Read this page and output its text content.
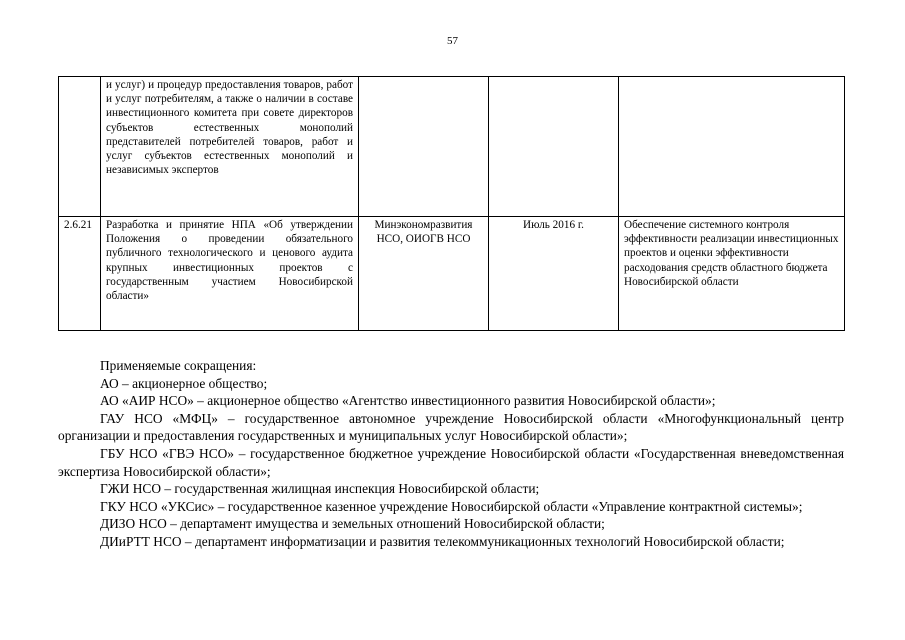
57
	и услуг) и процедур предоставления товаров, работ и услуг потребителям, а также о наличии в составе инвестиционного комитета при совете директоров субъектов естественных монополий представителей потребителей товаров, работ и услуг субъектов естественных монополий и независимых экспертов			
2.6.21	Разработка и принятие НПА «Об утверждении Положения о проведении обязательного публичного технологического и ценового аудита крупных инвестиционных проектов с государственным участием Новосибирской области»	Минэкономразвития НСО, ОИОГВ НСО	Июль 2016 г.	Обеспечение системного контроля эффективности реализации инвестиционных проектов и оценки эффективности расходования средств областного бюджета Новосибирской области

Применяемые сокращения:

АО – акционерное общество;

АО «АИР НСО» – акционерное общество «Агентство инвестиционного развития Новосибирской области»;

ГАУ НСО «МФЦ» – государственное автономное учреждение Новосибирской области «Многофункциональный центр организации и предоставления государственных и муниципальных услуг Новосибирской области»;

ГБУ НСО «ГВЭ НСО» – государственное бюджетное учреждение Новосибирской области «Государственная вневедомственная экспертиза Новосибирской области»;

ГЖИ НСО – государственная жилищная инспекция Новосибирской области;

ГКУ НСО «УКСис» – государственное казенное учреждение Новосибирской области «Управление контрактной системы»;

ДИЗО НСО – департамент имущества и земельных отношений Новосибирской области;

ДИиРТТ НСО – департамент информатизации и развития телекоммуникационных технологий Новосибирской области;
